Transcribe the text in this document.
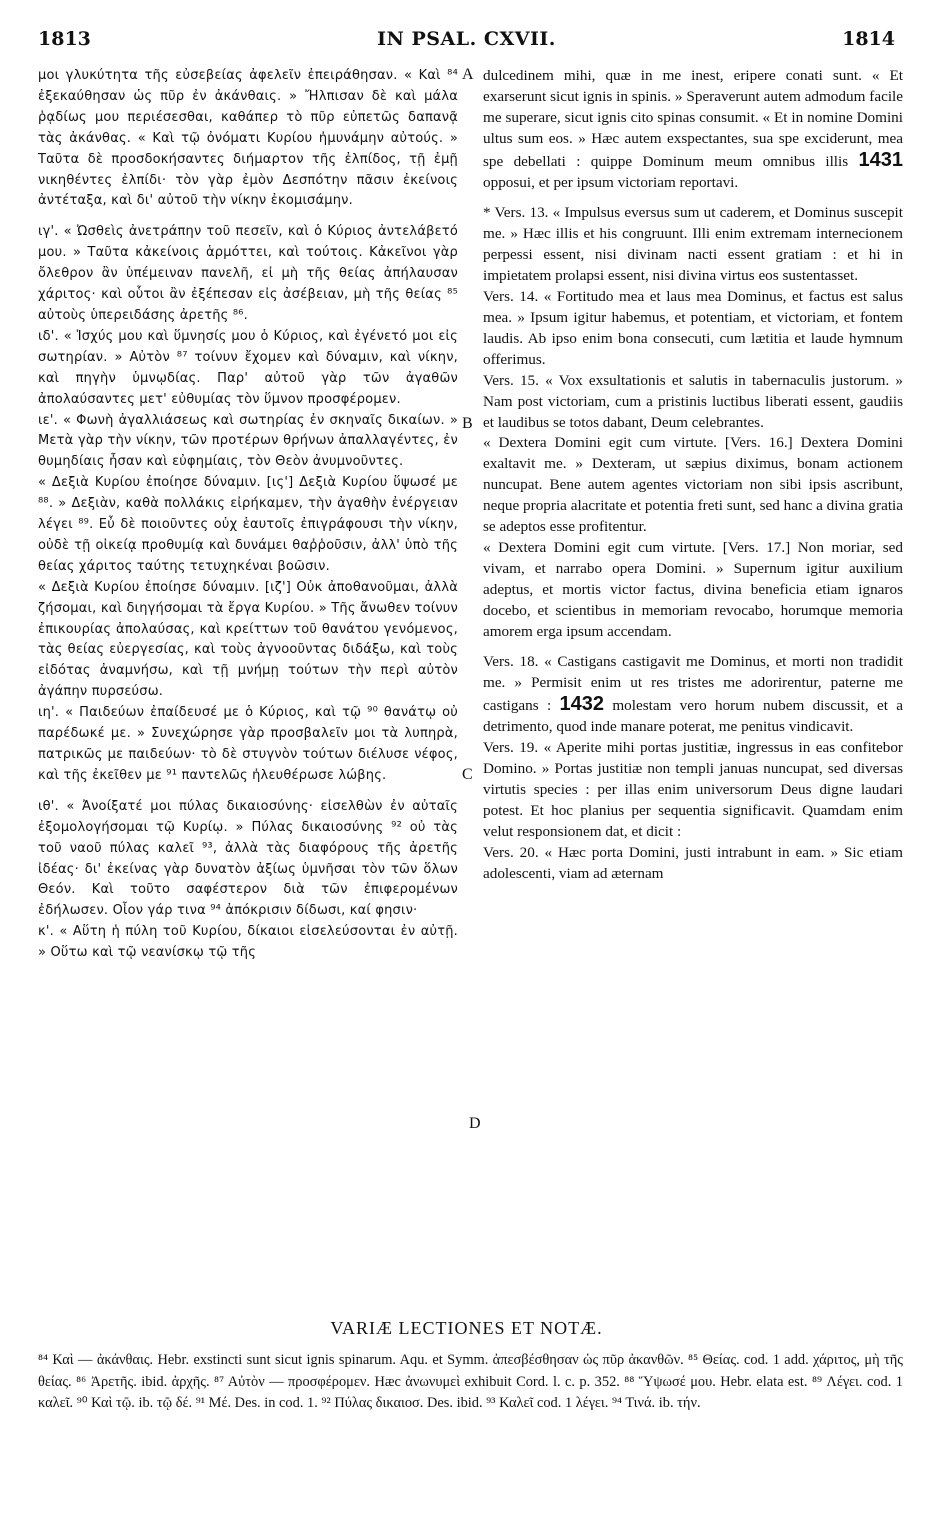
1813	IN PSAL. CXVII.	1814

μοι γλυκύτητα τῆς εὐσεβείας ἀφελεῖν ἐπειράθησαν. « Καὶ ⁸⁴ ἐξεκαύθησαν ὡς πῦρ ἐν ἀκάνθαις. » Ἤλπισαν δὲ καὶ μάλα ῥᾳδίως μου περιέσεσθαι, καθάπερ τὸ πῦρ εὐπετῶς δαπανᾷ τὰς ἀκάνθας. « Καὶ τῷ ὀνόματι Κυρίου ἠμυνάμην αὐτούς. » Ταῦτα δὲ προσδοκήσαντες διήμαρτον τῆς ἐλπίδος, τῇ ἐμῇ νικηθέντες ἐλπίδι· τὸν γὰρ ἐμὸν Δεσπότην πᾶσιν ἐκείνοις ἀντέταξα, καὶ δι' αὐτοῦ τὴν νίκην ἐκομισάμην.

ιγ'. « Ὠσθεὶς ἀνετράπην τοῦ πεσεῖν, καὶ ὁ Κύριος ἀντελάβετό μου. » Ταῦτα κἀκείνοις ἁρμόττει, καὶ τούτοις. Κἀκεῖνοι γὰρ ὄλεθρον ἂν ὑπέμειναν πανελῆ, εἰ μὴ τῆς θείας ἀπήλαυσαν χάριτος· καὶ οὗτοι ἂν ἐξέπεσαν εἰς ἀσέβειαν, μὴ τῆς θείας ⁸⁵ αὐτοὺς ὑπερειδάσης ἀρετῆς ⁸⁶.

ιδ'. « Ἰσχύς μου καὶ ὕμνησίς μου ὁ Κύριος, καὶ ἐγένετό μοι εἰς σωτηρίαν. » Αὐτὸν ⁸⁷ τοίνυν ἔχομεν καὶ δύναμιν, καὶ νίκην, καὶ πηγὴν ὑμνῳδίας. Παρ' αὐτοῦ γὰρ τῶν ἀγαθῶν ἀπολαύσαντες μετ' εὐθυμίας τὸν ὕμνον προσφέρομεν.

ιε'. « Φωνὴ ἀγαλλιάσεως καὶ σωτηρίας ἐν σκηναῖς δικαίων. » Μετὰ γὰρ τὴν νίκην, τῶν προτέρων θρήνων ἀπαλλαγέντες, ἐν θυμηδίαις ἦσαν καὶ εὐφημίαις, τὸν Θεὸν ἀνυμνοῦντες.

« Δεξιὰ Κυρίου ἐποίησε δύναμιν. [ις'] Δεξιὰ Κυρίου ὕψωσέ με ⁸⁸. » Δεξιὰν, καθὰ πολλάκις εἰρήκαμεν, τὴν ἀγαθὴν ἐνέργειαν λέγει ⁸⁹. Εὖ δὲ ποιοῦντες οὐχ ἑαυτοῖς ἐπιγράφουσι τὴν νίκην, οὐδὲ τῇ οἰκείᾳ προθυμίᾳ καὶ δυνάμει θαῤῥοῦσιν, ἀλλ' ὑπὸ τῆς θείας χάριτος ταύτης τετυχηκέναι βοῶσιν.

« Δεξιὰ Κυρίου ἐποίησε δύναμιν. [ιζ'] Οὐκ ἀποθανοῦμαι, ἀλλὰ ζήσομαι, καὶ διηγήσομαι τὰ ἔργα Κυρίου. » Τῆς ἄνωθεν τοίνυν ἐπικουρίας ἀπολαύσας, καὶ κρείττων τοῦ θανάτου γενόμενος, τὰς θείας εὐεργεσίας, καὶ τοὺς ἀγνοοῦντας διδάξω, καὶ τοὺς εἰδότας ἀναμνήσω, καὶ τῇ μνήμῃ τούτων τὴν περὶ αὐτὸν ἀγάπην πυρσεύσω.

ιη'. « Παιδεύων ἐπαίδευσέ με ὁ Κύριος, καὶ τῷ ⁹⁰ θανάτῳ οὐ παρέδωκέ με. » Συνεχώρησε γὰρ προσβαλεῖν μοι τὰ λυπηρὰ, πατρικῶς με παιδεύων· τὸ δὲ στυγνὸν τούτων διέλυσε νέφος, καὶ τῆς ἐκεῖθεν με ⁹¹ παντελῶς ἠλευθέρωσε λώβης.

ιθ'. « Ἀνοίξατέ μοι πύλας δικαιοσύνης· εἰσελθὼν ἐν αὐταῖς ἐξομολογήσομαι τῷ Κυρίῳ. » Πύλας δικαιοσύνης ⁹² οὐ τὰς τοῦ ναοῦ πύλας καλεῖ ⁹³, ἀλλὰ τὰς διαφόρους τῆς ἀρετῆς ἰδέας· δι' ἐκείνας γὰρ δυνατὸν ἀξίως ὑμνῆσαι τὸν τῶν ὅλων Θεόν. Καὶ τοῦτο σαφέστερον διὰ τῶν ἐπιφερομένων ἐδήλωσεν. Οἷον γάρ τινα ⁹⁴ ἀπόκρισιν δίδωσι, καί φησιν·

κ'. « Αὕτη ἡ πύλη τοῦ Κυρίου, δίκαιοι εἰσελεύσονται ἐν αὐτῇ. » Οὕτω καὶ τῷ νεανίσκῳ τῷ τῆς

A
B
C
D

dulcedinem mihi, quæ in me inest, eripere conati sunt. « Et exarserunt sicut ignis in spinis. » Speraverunt autem admodum facile me superare, sicut ignis cito spinas consumit. « Et in nomine Domini ultus sum eos. » Hæc autem exspectantes, sua spe exciderunt, mea spe debellati : quippe Dominum meum omnibus illis 1431 opposui, et per ipsum victoriam reportavi.

* Vers. 13. « Impulsus eversus sum ut caderem, et Dominus suscepit me. » Hæc illis et his congruunt. Illi enim extremam internecionem perpessi essent, nisi divinam nacti essent gratiam : et hi in impietatem prolapsi essent, nisi divina virtus eos sustentasset.

Vers. 14. « Fortitudo mea et laus mea Dominus, et factus est salus mea. » Ipsum igitur habemus, et potentiam, et victoriam, et fontem laudis. Ab ipso enim bona consecuti, cum lætitia et laude hymnum offerimus.

Vers. 15. « Vox exsultationis et salutis in tabernaculis justorum. » Nam post victoriam, cum a pristinis luctibus liberati essent, gaudiis et laudibus se totos dabant, Deum celebrantes.

« Dextera Domini egit cum virtute. [Vers. 16.] Dextera Domini exaltavit me. » Dexteram, ut sæpius diximus, bonam actionem nuncupat. Bene autem agentes victoriam non sibi ipsis ascribunt, neque propria alacritate et potentia freti sunt, sed hanc a divina gratia se adeptos esse profitentur.

« Dextera Domini egit cum virtute. [Vers. 17.] Non moriar, sed vivam, et narrabo opera Domini. » Supernum igitur auxilium adeptus, et mortis victor factus, divina beneficia etiam ignaros docebo, et scientibus in memoriam revocabo, horumque memoria amorem erga ipsum accendam.

Vers. 18. « Castigans castigavit me Dominus, et morti non tradidit me. » Permisit enim ut res tristes me adorirentur, paterne me castigans : 1432 molestam vero horum nubem discussit, et a detrimento, quod inde manare poterat, me penitus vindicavit.

Vers. 19. « Aperite mihi portas justitiæ, ingressus in eas confitebor Domino. » Portas justitiæ non templi januas nuncupat, sed diversas virtutis species : per illas enim universorum Deus digne laudari potest. Et hoc planius per sequentia significavit. Quamdam enim velut responsionem dat, et dicit :

Vers. 20. « Hæc porta Domini, justi intrabunt in eam. » Sic etiam adolescenti, viam ad æternam

VARIÆ LECTIONES ET NOTÆ.

⁸⁴ Καὶ — ἀκάνθαις. Hebr. exstincti sunt sicut ignis spinarum. Aqu. et Symm. ἀπεσβέσθησαν ὡς πῦρ ἀκανθῶν. ⁸⁵ Θείας. cod. 1 add. χάριτος, μὴ τῆς θείας. ⁸⁶ Ἀρετῆς. ibid. ἀρχῆς. ⁸⁷ Αὐτὸν — προσφέρομεν. Hæc ἀνωνυμεὶ exhibuit Cord. l. c. p. 352. ⁸⁸ Ὕψωσέ μου. Hebr. elata est. ⁸⁹ Λέγει. cod. 1 καλεῖ. ⁹⁰ Καὶ τῷ. ib. τῷ δέ. ⁹¹ Μέ. Des. in cod. 1. ⁹² Πύλας δικαιοσ. Des. ibid. ⁹³ Καλεῖ cod. 1 λέγει. ⁹⁴ Τινά. ib. τήν.
